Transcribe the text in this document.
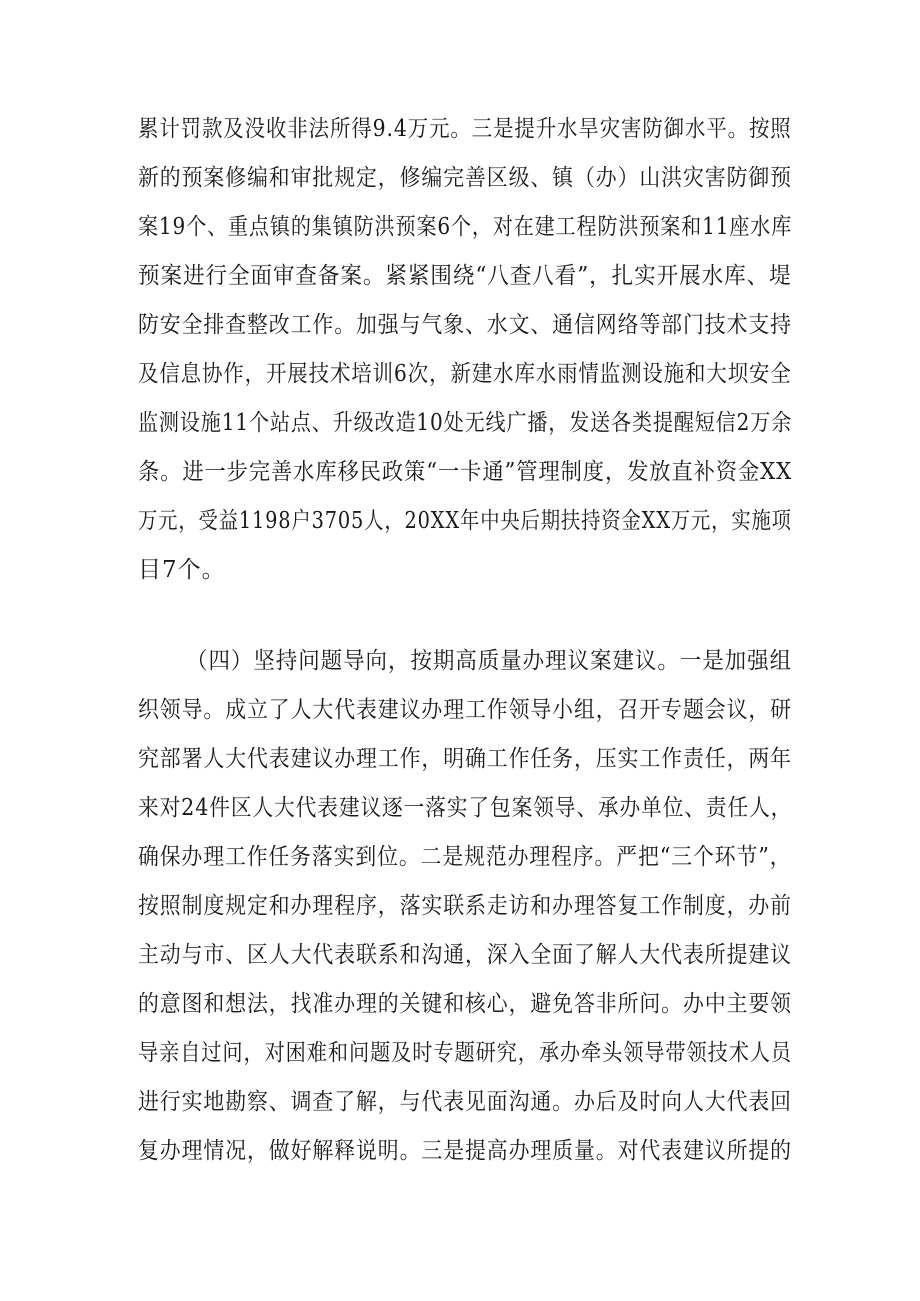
累计罚款及没收非法所得9.4万元。三是提升水旱灾害防御水平。按照
新的预案修编和审批规定，修编完善区级、镇（办）山洪灾害防御预
案19个、重点镇的集镇防洪预案6个，对在建工程防洪预案和11座水库
预案进行全面审查备案。紧紧围绕“八查八看”，扎实开展水库、堤
防安全排查整改工作。加强与气象、水文、通信网络等部门技术支持
及信息协作，开展技术培训6次，新建水库水雨情监测设施和大坝安全
监测设施11个站点、升级改造10处无线广播，发送各类提醒短信2万余
条。进一步完善水库移民政策“一卡通”管理制度，发放直补资金XX
万元，受益1198户3705人，20XX年中央后期扶持资金XX万元，实施项
目7个。
（四）坚持问题导向，按期高质量办理议案建议。一是加强组
织领导。成立了人大代表建议办理工作领导小组，召开专题会议，研
究部署人大代表建议办理工作，明确工作任务，压实工作责任，两年
来对24件区人大代表建议逐一落实了包案领导、承办单位、责任人，
确保办理工作任务落实到位。二是规范办理程序。严把“三个环节”，
按照制度规定和办理程序，落实联系走访和办理答复工作制度，办前
主动与市、区人大代表联系和沟通，深入全面了解人大代表所提建议
的意图和想法，找准办理的关键和核心，避免答非所问。办中主要领
导亲自过问，对困难和问题及时专题研究，承办牵头领导带领技术人员
进行实地勘察、调查了解，与代表见面沟通。办后及时向人大代表回
复办理情况，做好解释说明。三是提高办理质量。对代表建议所提的
